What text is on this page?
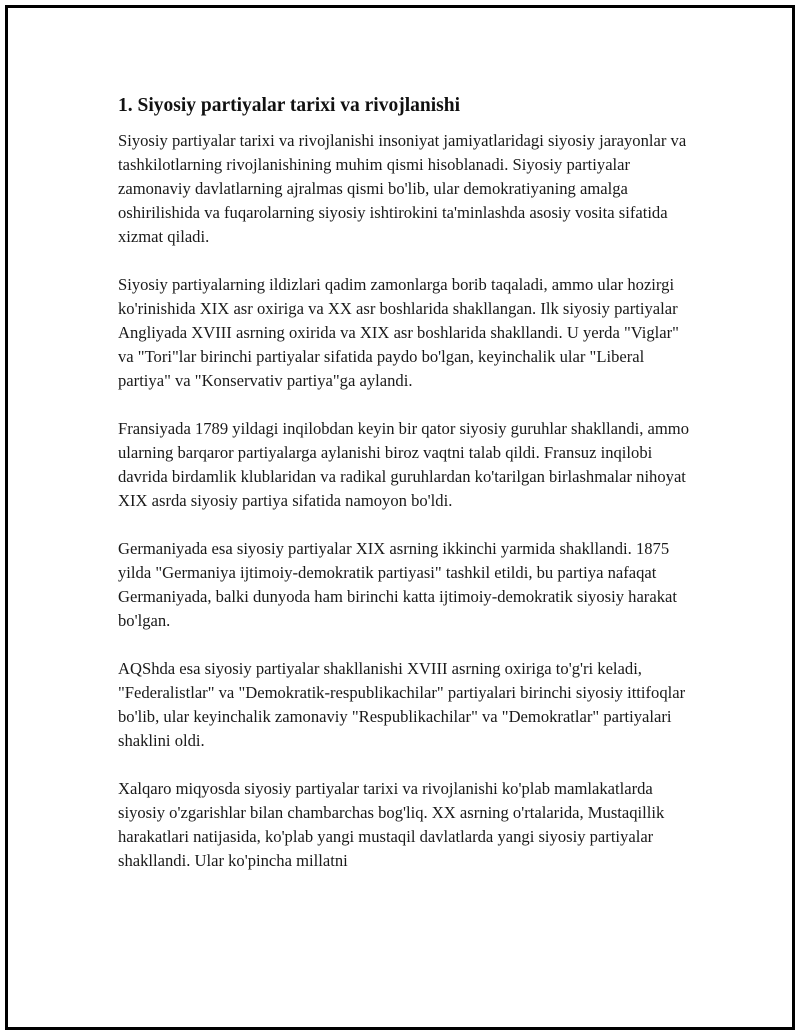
1. Siyosiy partiyalar tarixi va rivojlanishi

Siyosiy partiyalar tarixi va rivojlanishi insoniyat jamiyatlaridagi siyosiy jarayonlar va tashkilotlarning rivojlanishining muhim qismi hisoblanadi. Siyosiy partiyalar zamonaviy davlatlarning ajralmas qismi bo'lib, ular demokratiyaning amalga oshirilishida va fuqarolarning siyosiy ishtirokini ta'minlashda asosiy vosita sifatida xizmat qiladi.

Siyosiy partiyalarning ildizlari qadim zamonlarga borib taqaladi, ammo ular hozirgi ko'rinishida XIX asr oxiriga va XX asr boshlarida shakllangan. Ilk siyosiy partiyalar Angliyada XVIII asrning oxirida va XIX asr boshlarida shakllandi. U yerda "Viglar" va "Tori"lar birinchi partiyalar sifatida paydo bo'lgan, keyinchalik ular "Liberal partiya" va "Konservativ partiya"ga aylandi.

Fransiyada 1789 yildagi inqilobdan keyin bir qator siyosiy guruhlar shakllandi, ammo ularning barqaror partiyalarga aylanishi biroz vaqtni talab qildi. Fransuz inqilobi davrida birdamlik klublaridan va radikal guruhlardan ko'tarilgan birlashmalar nihoyat XIX asrda siyosiy partiya sifatida namoyon bo'ldi.

Germaniyada esa siyosiy partiyalar XIX asrning ikkinchi yarmida shakllandi. 1875 yilda "Germaniya ijtimoiy-demokratik partiyasi" tashkil etildi, bu partiya nafaqat Germaniyada, balki dunyoda ham birinchi katta ijtimoiy-demokratik siyosiy harakat bo'lgan.

AQShda esa siyosiy partiyalar shakllanishi XVIII asrning oxiriga to'g'ri keladi, "Federalistlar" va "Demokratik-respublikachilar" partiyalari birinchi siyosiy ittifoqlar bo'lib, ular keyinchalik zamonaviy "Respublikachilar" va "Demokratlar" partiyalari shaklini oldi.

Xalqaro miqyosda siyosiy partiyalar tarixi va rivojlanishi ko'plab mamlakatlarda siyosiy o'zgarishlar bilan chambarchas bog'liq. XX asrning o'rtalarida, Mustaqillik harakatlari natijasida, ko'plab yangi mustaqil davlatlarda yangi siyosiy partiyalar shakllandi. Ular ko'pincha millatni
